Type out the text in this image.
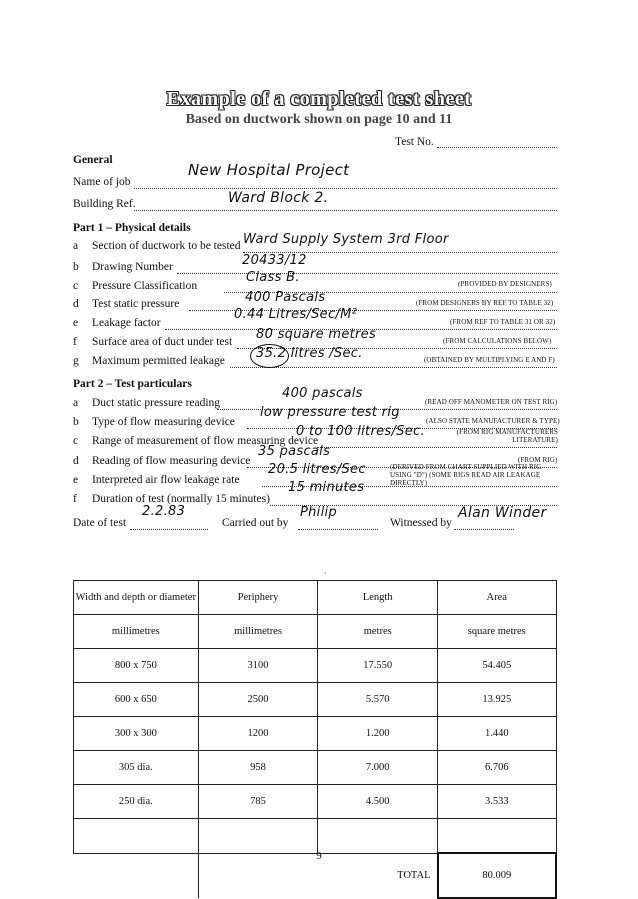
Example of a completed test sheet
Based on ductwork shown on page 10 and 11
Test No.
General
Name of job
New Hospital Project
Building Ref.	Ward Block 2.
Part 1 – Physical details
a Section of ductwork to be tested Ward Supply System 3rd Floor
b Drawing Number	20433/12
c Pressure Classification
Class B.	(PROVIDED BY DESIGNERS)
d Test static pressure	400 Pascals	(FROM DESIGNERS BY REF TO TABLE 32)
e Leakage factor
0.44 Litres/Sec/M²	(FROM REF TO TABLE 31 OR 32)
f Surface area of duct under test 80 square metres	(FROM CALCULATIONS BELOW)
g Maximum permitted leakage 35.2 litres /Sec.	(OBTAINED BY MULTIPLYING E AND F)
Part 2 – Test particulars
a Duct static pressure reading
400 pascals
(READ OFF MANOMETER ON TEST RIG)
b Type of flow measuring device
low pressure test rig
(ALSO STATE MANUFACTURER & TYPE)
c Range of measurement of flow measuring device
0 to 100 litres/Sec.	(FROM RIG MANUFACTURERS LITERATURE)
d Reading of flow measuring device
35 pascals
(FROM RIG)
e Interpreted air flow leakage rate
20.5 litres/Sec	(DERIVED FROM CHART SUPPLIED WITH RIG USING "D") (SOME RIGS READ AIR LEAKAGE DIRECTLY)
f Duration of test (normally 15 minutes)
15 minutes
Date of test
2.2.83
Carried out by
Philip
Witnessed by
Alan Winder
·
Width and depth or diameter	Periphery	Length	Area
millimetres	millimetres	metres	square metres
800 x 750	3100	17.550	54.405
600 x 650	2500	5.570	13.925
300 x 300	1200	1.200	1.440
305 dia.	958	7.000	6.706
250 dia.	785	4.500	3.533

		TOTAL	80.009
9
